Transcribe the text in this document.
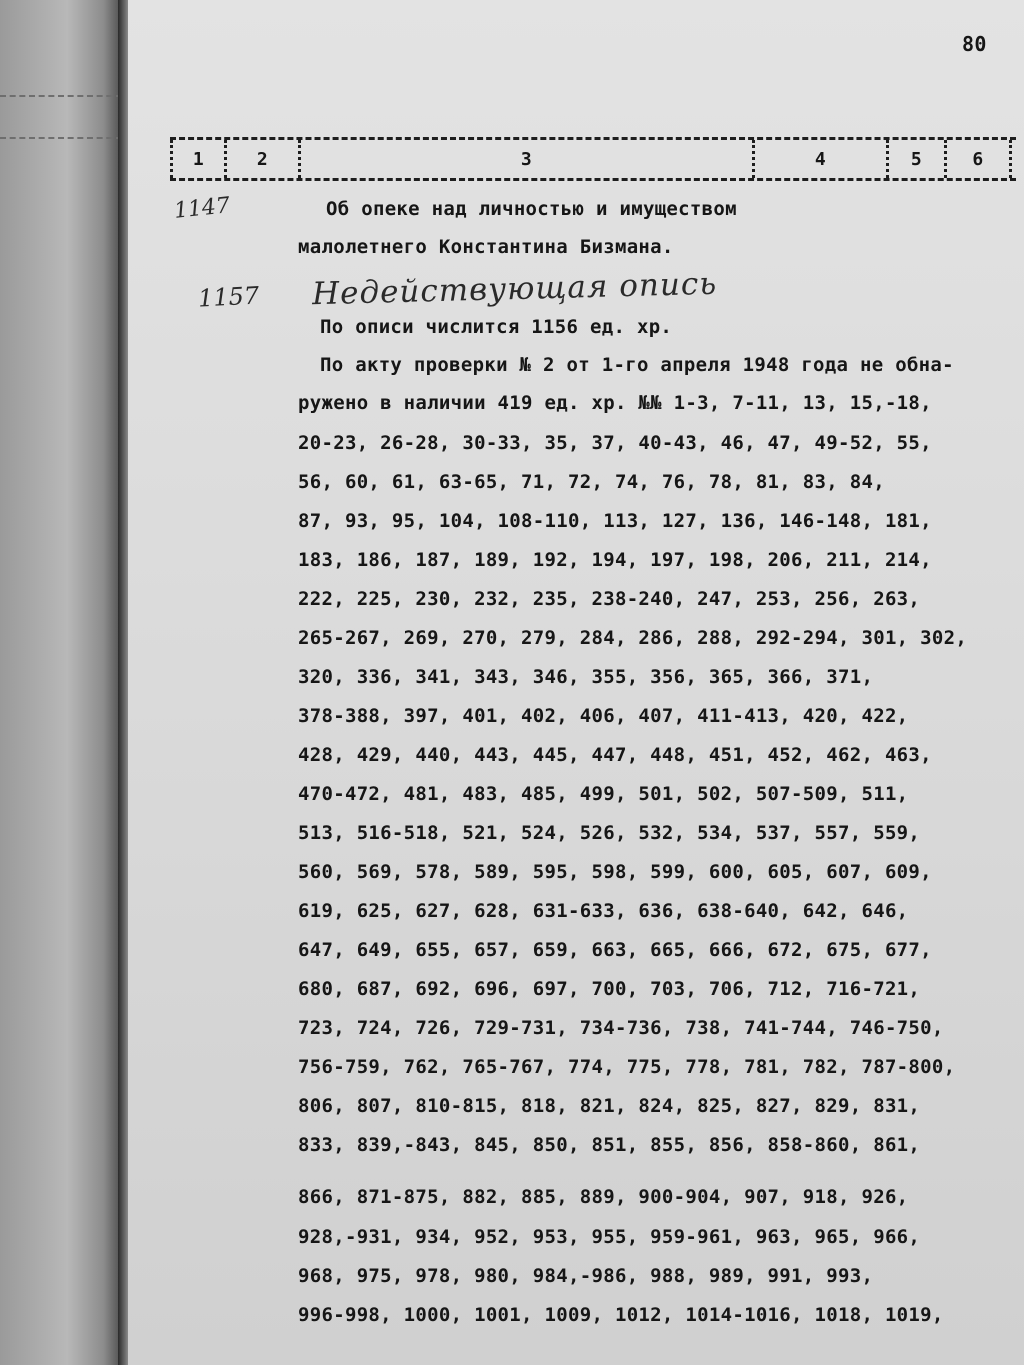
80
1	2	3	4	5	6
1147	Об опеке над личностью и имуществом
малолетнего Константина Бизмана.
1157 Недействующая опись
По описи числится 1156 ед. хр.
По акту проверки № 2 от 1-го апреля 1948 года не обна-
ружено в наличии 419 ед. хр. №№ 1-3, 7-11, 13, 15,-18,
20-23, 26-28, 30-33, 35, 37, 40-43, 46, 47, 49-52, 55,
56, 60, 61, 63-65, 71, 72, 74, 76, 78, 81, 83, 84,
87, 93, 95, 104, 108-110, 113, 127, 136, 146-148, 181,
183, 186, 187, 189, 192, 194, 197, 198, 206, 211, 214,
222, 225, 230, 232, 235, 238-240, 247, 253, 256, 263,
265-267, 269, 270, 279, 284, 286, 288, 292-294, 301, 302,
320, 336, 341, 343, 346, 355, 356, 365, 366, 371,
378-388, 397, 401, 402, 406, 407, 411-413, 420, 422,
428, 429, 440, 443, 445, 447, 448, 451, 452, 462, 463,
470-472, 481, 483, 485, 499, 501, 502, 507-509, 511,
513, 516-518, 521, 524, 526, 532, 534, 537, 557, 559,
560, 569, 578, 589, 595, 598, 599, 600, 605, 607, 609,
619, 625, 627, 628, 631-633, 636, 638-640, 642, 646,
647, 649, 655, 657, 659, 663, 665, 666, 672, 675, 677,
680, 687, 692, 696, 697, 700, 703, 706, 712, 716-721,
723, 724, 726, 729-731, 734-736, 738, 741-744, 746-750,
756-759, 762, 765-767, 774, 775, 778, 781, 782, 787-800,
806, 807, 810-815, 818, 821, 824, 825, 827, 829, 831,
833, 839,-843, 845, 850, 851, 855, 856, 858-860, 861,
866, 871-875, 882, 885, 889, 900-904, 907, 918, 926,
928,-931, 934, 952, 953, 955, 959-961, 963, 965, 966,
968, 975, 978, 980, 984,-986, 988, 989, 991, 993,
996-998, 1000, 1001, 1009, 1012, 1014-1016, 1018, 1019,
